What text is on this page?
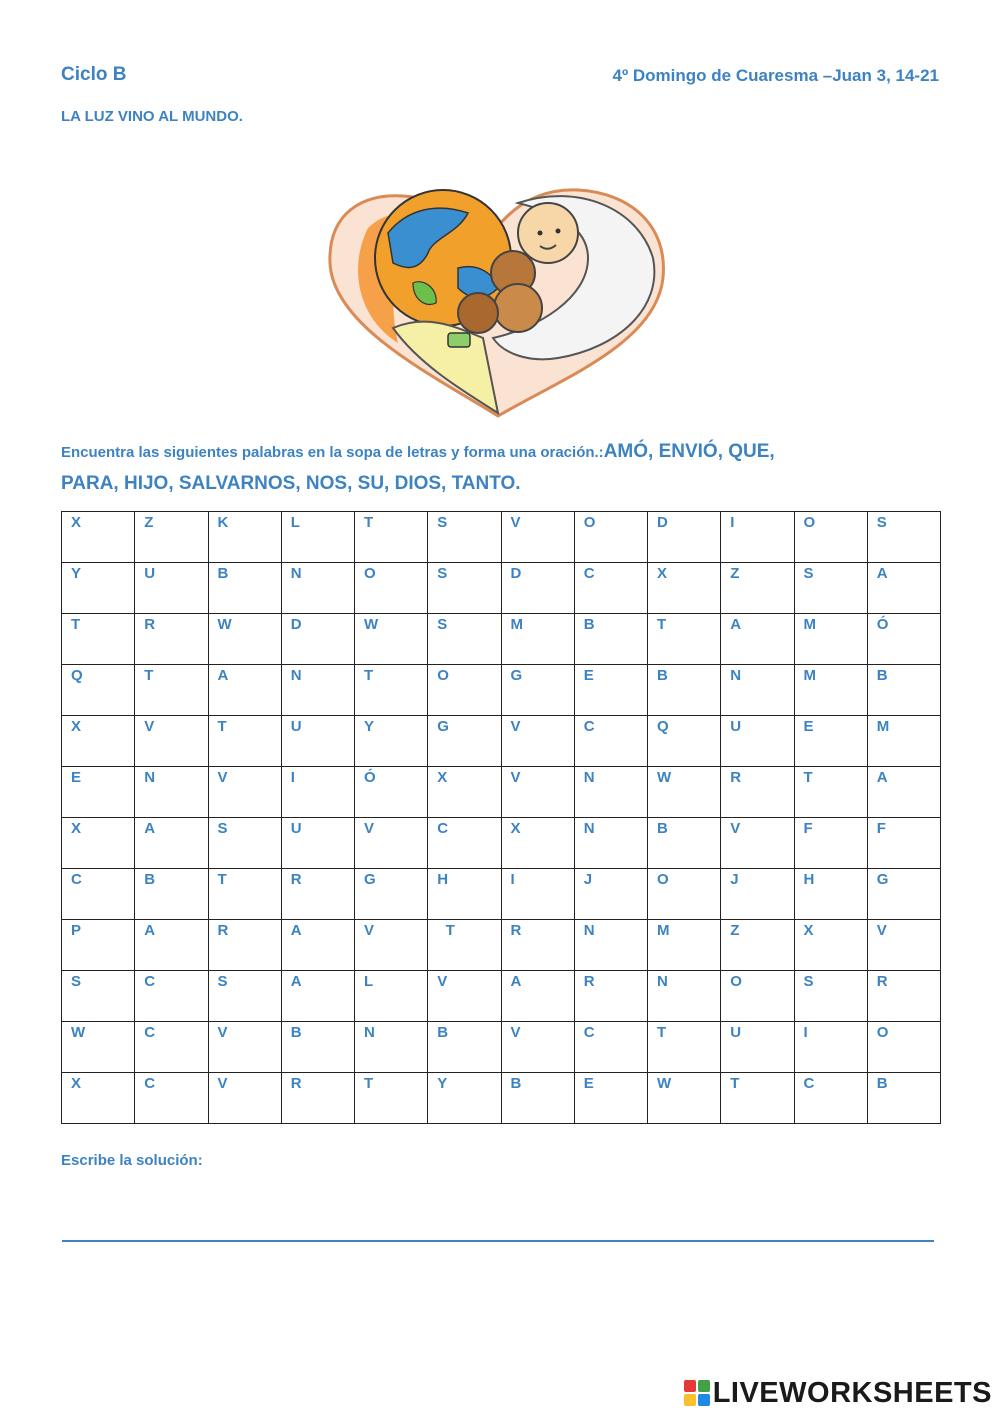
Ciclo B	4º Domingo de Cuaresma –Juan 3, 14-21
LA LUZ VINO AL MUNDO.
Encuentra las siguientes palabras en la sopa de letras y forma una oración.:AMÓ, ENVIÓ, QUE,
PARA, HIJO, SALVARNOS, NOS, SU, DIOS, TANTO.
X	Z	K	L	T	S	V	O	D	I	O	S
Y	U	B	N	O	S	D	C	X	Z	S	A
T	R	W	D	W	S	M	B	T	A	M	Ó
Q	T	A	N	T	O	G	E	B	N	M	B
X	V	T	U	Y	G	V	C	Q	U	E	M
E	N	V	I	Ó	X	V	N	W	R	T	A
X	A	S	U	V	C	X	N	B	V	F	F
C	B	T	R	G	H	I	J	O	J	H	G
P	A	R	A	V	T	R	N	M	Z	X	V
S	C	S	A	L	V	A	R	N	O	S	R
W	C	V	B	N	B	V	C	T	U	I	O
X	C	V	R	T	Y	B	E	W	T	C	B
Escribe la solución:
LIVEWORKSHEETS
